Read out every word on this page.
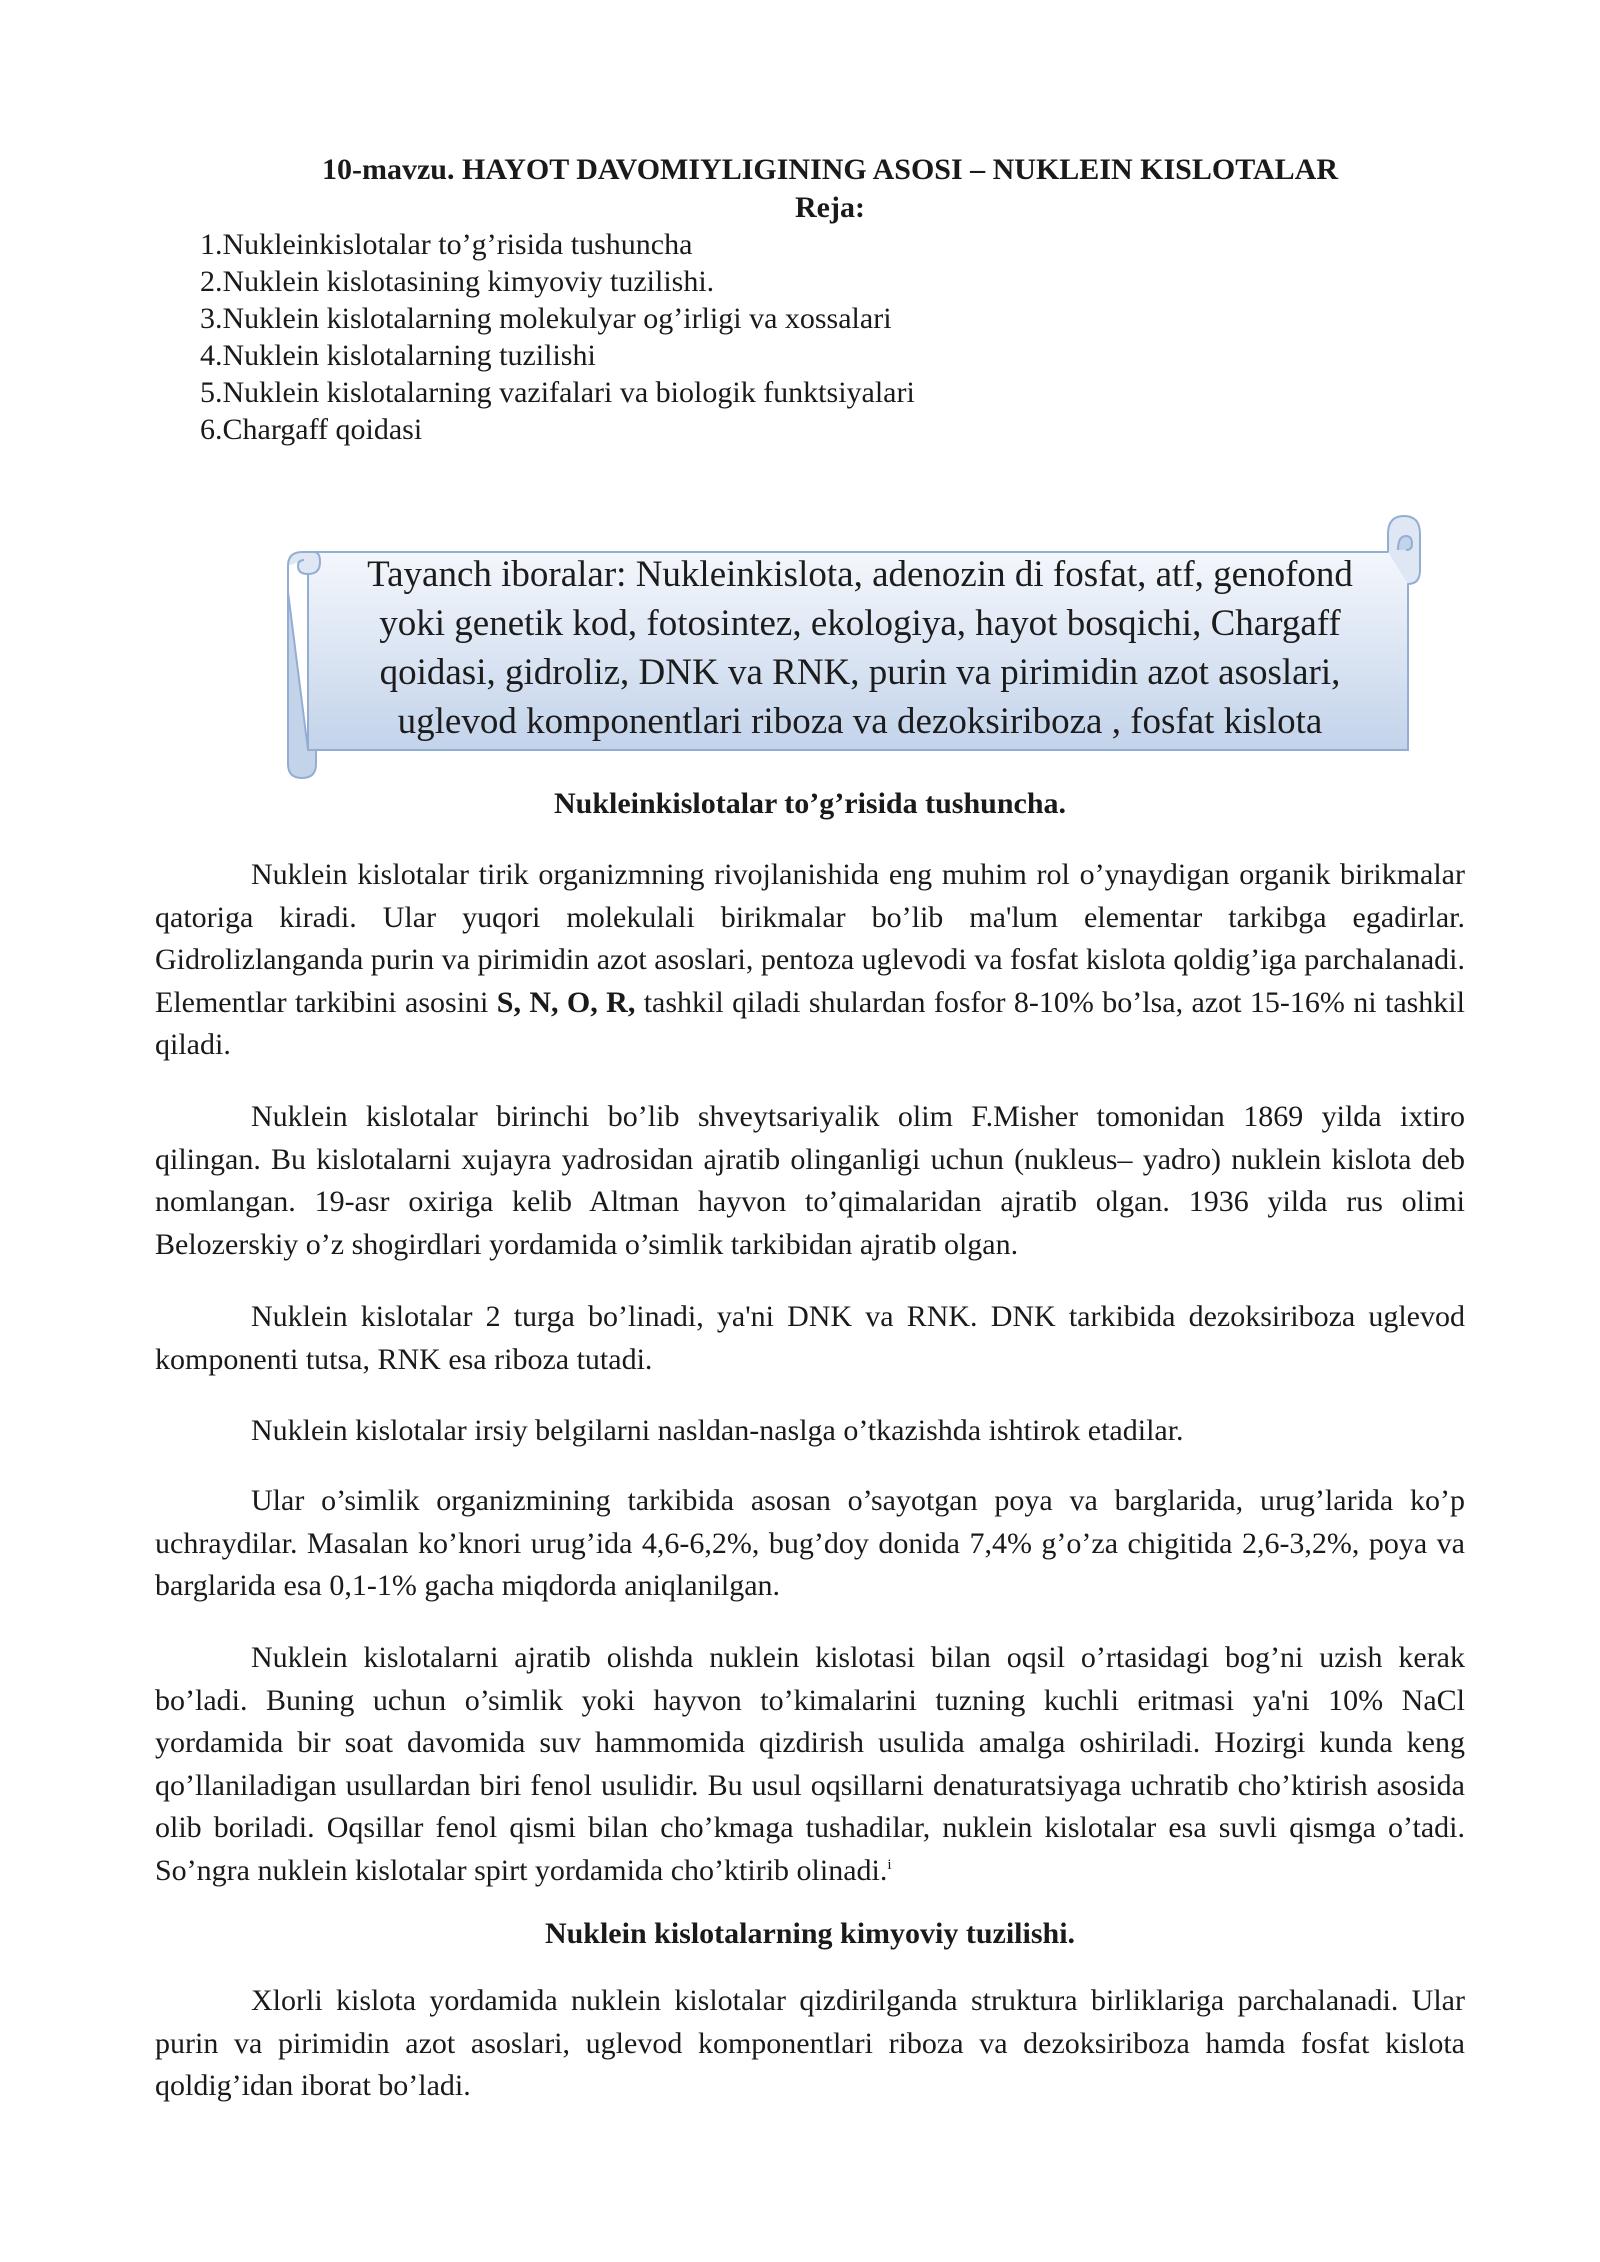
10-mavzu. HAYOT DAVOMIYLIGINING ASOSI – NUKLEIN KISLOTALAR
Reja:
1.Nukleinkislotalar to’g’risida tushuncha
2.Nuklein kislotasining kimyoviy tuzilishi.
3.Nuklein kislotalarning molekulyar og’irligi va xossalari
4.Nuklein kislotalarning tuzilishi
5.Nuklein kislotalarning vazifalari va biologik funktsiyalari
6.Chargaff qoidasi
Tayanch iboralar: Nukleinkislota, adenozin di fosfat, atf, genofond yoki genetik kod, fotosintez, ekologiya, hayot bosqichi, Chargaff qoidasi, gidroliz, DNK va RNK, purin va pirimidin azot asoslari, uglevod komponentlari riboza va dezoksiriboza , fosfat kislota
Nukleinkislotalar to’g’risida tushuncha.

Nuklein kislotalar tirik organizmning rivojlanishida eng muhim rol o’ynaydigan organik birikmalar qatoriga kiradi. Ular yuqori molekulali birikmalar bo’lib ma'lum elementar tarkibga egadirlar. Gidrolizlanganda purin va pirimidin azot asoslari, pentoza uglevodi va fosfat kislota qoldig’iga parchalanadi. Elementlar tarkibini asosini S, N, O, R, tashkil qiladi shulardan fosfor 8-10% bo’lsa, azot 15-16% ni tashkil qiladi.

Nuklein kislotalar birinchi bo’lib shveytsariyalik olim F.Misher tomonidan 1869 yilda ixtiro qilingan. Bu kislotalarni xujayra yadrosidan ajratib olinganligi uchun (nukleus– yadro) nuklein kislota deb nomlangan. 19-asr oxiriga kelib Altman hayvon to’qimalaridan ajratib olgan. 1936 yilda rus olimi Belozerskiy o’z shogirdlari yordamida o’simlik tarkibidan ajratib olgan.

Nuklein kislotalar 2 turga bo’linadi, ya'ni DNK va RNK. DNK tarkibida dezoksiriboza uglevod komponenti tutsa, RNK esa riboza tutadi.

Nuklein kislotalar irsiy belgilarni nasldan-naslga o’tkazishda ishtirok etadilar.

Ular o’simlik organizmining tarkibida asosan o’sayotgan poya va barglarida, urug’larida ko’p uchraydilar. Masalan ko’knori urug’ida 4,6-6,2%, bug’doy donida 7,4% g’o’za chigitida 2,6-3,2%, poya va barglarida esa 0,1-1% gacha miqdorda aniqlanilgan.

Nuklein kislotalarni ajratib olishda nuklein kislotasi bilan oqsil o’rtasidagi bog’ni uzish kerak bo’ladi. Buning uchun o’simlik yoki hayvon to’kimalarini tuzning kuchli eritmasi ya'ni 10% NaCl yordamida bir soat davomida suv hammomida qizdirish usulida amalga oshiriladi. Hozirgi kunda keng qo’llaniladigan usullardan biri fenol usulidir. Bu usul oqsillarni denaturatsiyaga uchratib cho’ktirish asosida olib boriladi. Oqsillar fenol qismi bilan cho’kmaga tushadilar, nuklein kislotalar esa suvli qismga o’tadi. So’ngra nuklein kislotalar spirt yordamida cho’ktirib olinadi.$^i$

Nuklein kislotalarning kimyoviy tuzilishi.

Xlorli kislota yordamida nuklein kislotalar qizdirilganda struktura birliklariga parchalanadi. Ular purin va pirimidin azot asoslari, uglevod komponentlari riboza va dezoksiriboza hamda fosfat kislota qoldig’idan iborat bo’ladi.
